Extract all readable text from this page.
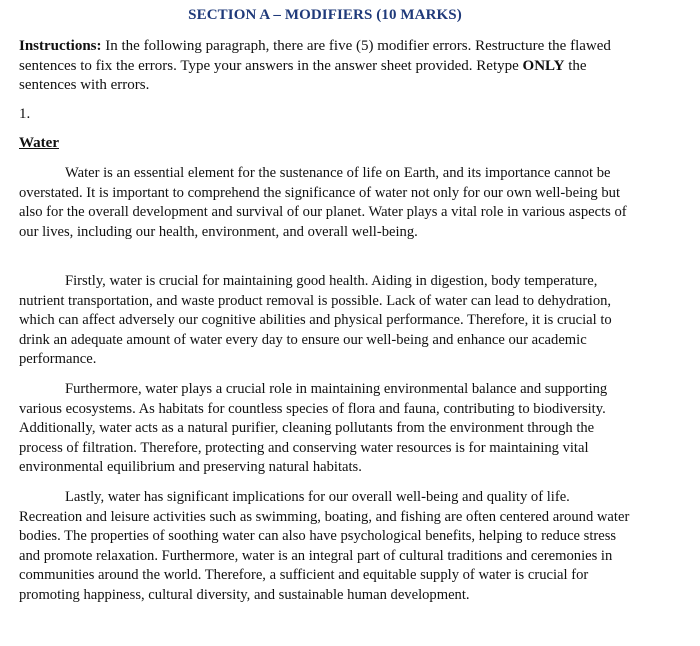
SECTION A – MODIFIERS (10 MARKS)
Instructions: In the following paragraph, there are five (5) modifier errors. Restructure the flawed sentences to fix the errors. Type your answers in the answer sheet provided. Retype ONLY the sentences with errors.
1.
Water

Water is an essential element for the sustenance of life on Earth, and its importance cannot be overstated. It is important to comprehend the significance of water not only for our own well-being but also for the overall development and survival of our planet. Water plays a vital role in various aspects of our lives, including our health, environment, and overall well-being.

Firstly, water is crucial for maintaining good health. Aiding in digestion, body temperature, nutrient transportation, and waste product removal is possible. Lack of water can lead to dehydration, which can affect adversely our cognitive abilities and physical performance. Therefore, it is crucial to drink an adequate amount of water every day to ensure our well-being and enhance our academic performance.

Furthermore, water plays a crucial role in maintaining environmental balance and supporting various ecosystems. As habitats for countless species of flora and fauna, contributing to biodiversity. Additionally, water acts as a natural purifier, cleaning pollutants from the environment through the process of filtration. Therefore, protecting and conserving water resources is for maintaining vital environmental equilibrium and preserving natural habitats.

Lastly, water has significant implications for our overall well-being and quality of life. Recreation and leisure activities such as swimming, boating, and fishing are often centered around water bodies. The properties of soothing water can also have psychological benefits, helping to reduce stress and promote relaxation. Furthermore, water is an integral part of cultural traditions and ceremonies in communities around the world. Therefore, a sufficient and equitable supply of water is crucial for promoting happiness, cultural diversity, and sustainable human development.
